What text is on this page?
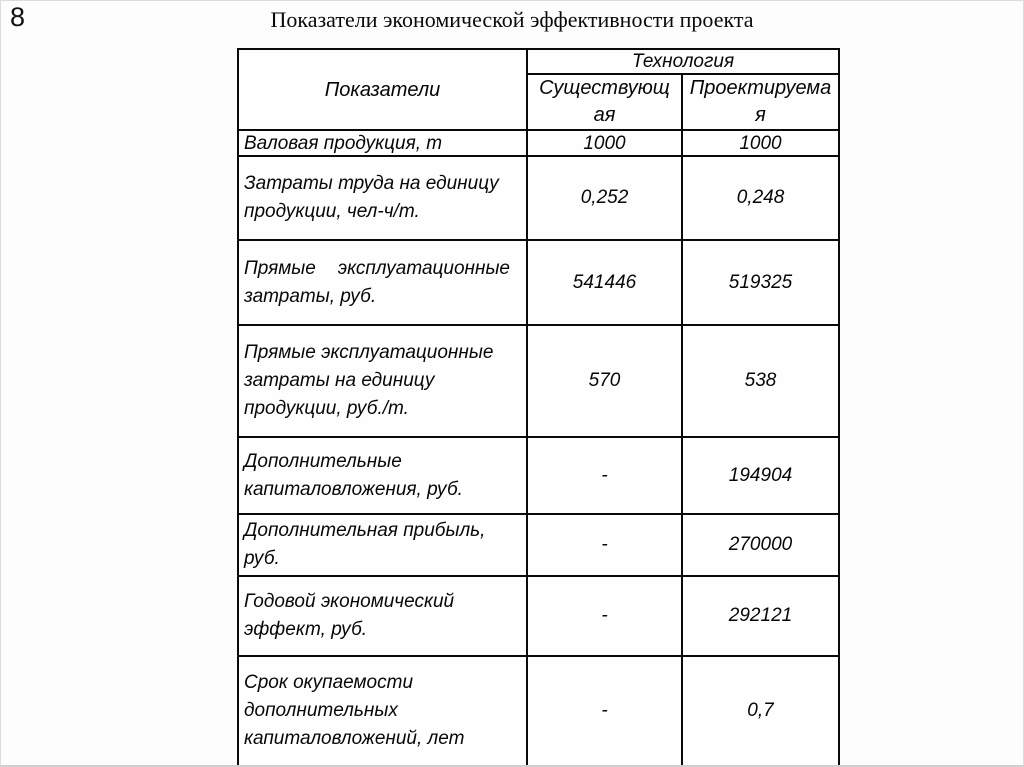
8	Показатели экономической эффективности проекта
Показатели	Технология	
	Существующая	Проектируемая
Валовая продукция, т	1000	1000
Затраты труда на единицу продукции, чел-ч/т.	0,252	0,248
Прямые эксплуатационные затраты, руб.	541446	519325
Прямые эксплуатационные затраты на единицу продукции, руб./т.	570	538
Дополнительные капиталовложения, руб.	-	194904
Дополнительная прибыль, руб.	-	270000
Годовой экономический эффект, руб.	-	292121
Срок окупаемости дополнительных капиталовложений, лет	-	0,7
